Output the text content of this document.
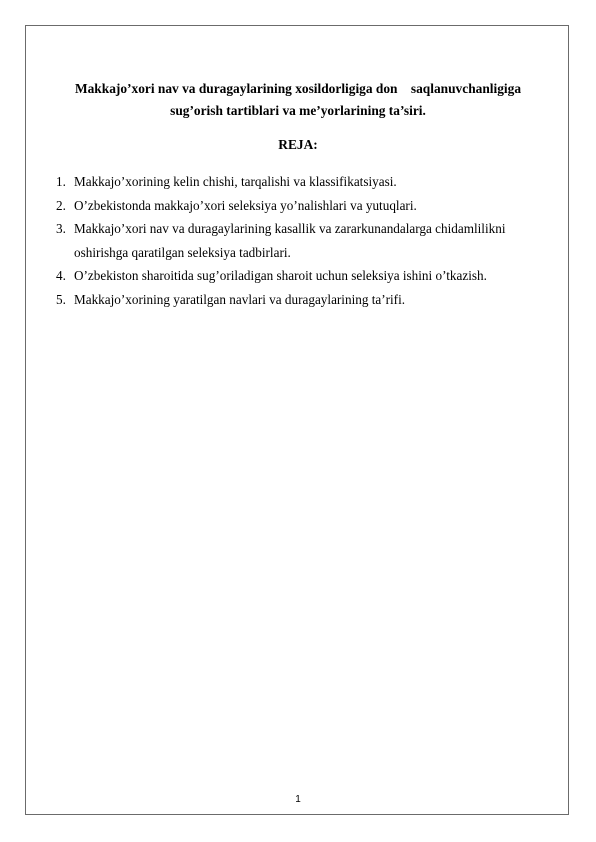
Makkajo’xori nav va duragaylarining xosildorligiga don    saqlanuvchanligiga
sug’orish tartiblari va me’yorlarining ta’siri.
REJA:
1. Makkajo’xorining kelin chishi, tarqalishi va klassifikatsiyasi.
2. O’zbekistonda makkajo’xori seleksiya yo’nalishlari va yutuqlari.
3. Makkajo’xori nav va duragaylarining kasallik va zararkunandalarga chidamlilikni
oshirishga qaratilgan seleksiya tadbirlari.
4. O’zbekiston sharoitida sug’oriladigan sharoit uchun seleksiya ishini o’tkazish.
5. Makkajo’xorining yaratilgan navlari va duragaylarining ta’rifi.
1
